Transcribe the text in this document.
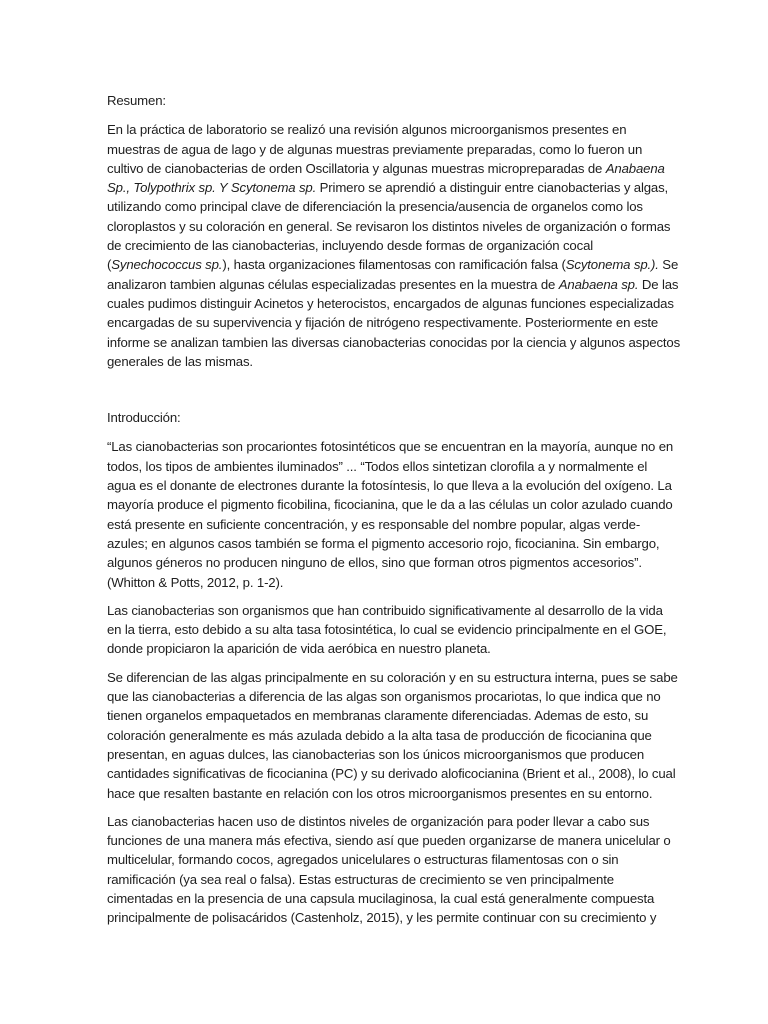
Resumen:
En la práctica de laboratorio se realizó una revisión algunos microorganismos presentes en
muestras de agua de lago y de algunas muestras previamente preparadas, como lo fueron un
cultivo de cianobacterias de orden Oscillatoria y algunas muestras micropreparadas de Anabaena
Sp., Tolypothrix sp. Y Scytonema sp. Primero se aprendió a distinguir entre cianobacterias y algas,
utilizando como principal clave de diferenciación la presencia/ausencia de organelos como los
cloroplastos y su coloración en general. Se revisaron los distintos niveles de organización o formas
de crecimiento de las cianobacterias, incluyendo desde formas de organización cocal
(Synechococcus sp.), hasta organizaciones filamentosas con ramificación falsa (Scytonema sp.). Se
analizaron tambien algunas células especializadas presentes en la muestra de Anabaena sp. De las
cuales pudimos distinguir Acinetos y heterocistos, encargados de algunas funciones especializadas
encargadas de su supervivencia y fijación de nitrógeno respectivamente. Posteriormente en este
informe se analizan tambien las diversas cianobacterias conocidas por la ciencia y algunos aspectos
generales de las mismas.
Introducción:
“Las cianobacterias son procariontes fotosintéticos que se encuentran en la mayoría, aunque no en
todos, los tipos de ambientes iluminados” ... “Todos ellos sintetizan clorofila a y normalmente el
agua es el donante de electrones durante la fotosíntesis, lo que lleva a la evolución del oxígeno. La
mayoría produce el pigmento ficobilina, ficocianina, que le da a las células un color azulado cuando
está presente en suficiente concentración, y es responsable del nombre popular, algas verde-
azules; en algunos casos también se forma el pigmento accesorio rojo, ficocianina. Sin embargo,
algunos géneros no producen ninguno de ellos, sino que forman otros pigmentos accesorios”.
(Whitton & Potts, 2012, p. 1-2).
Las cianobacterias son organismos que han contribuido significativamente al desarrollo de la vida
en la tierra, esto debido a su alta tasa fotosintética, lo cual se evidencio principalmente en el GOE,
donde propiciaron la aparición de vida aeróbica en nuestro planeta.
Se diferencian de las algas principalmente en su coloración y en su estructura interna, pues se sabe
que las cianobacterias a diferencia de las algas son organismos procariotas, lo que indica que no
tienen organelos empaquetados en membranas claramente diferenciadas. Ademas de esto, su
coloración generalmente es más azulada debido a la alta tasa de producción de ficocianina que
presentan, en aguas dulces, las cianobacterias son los únicos microorganismos que producen
cantidades significativas de ficocianina (PC) y su derivado aloficocianina (Brient et al., 2008), lo cual
hace que resalten bastante en relación con los otros microorganismos presentes en su entorno.
Las cianobacterias hacen uso de distintos niveles de organización para poder llevar a cabo sus
funciones de una manera más efectiva, siendo así que pueden organizarse de manera unicelular o
multicelular, formando cocos, agregados unicelulares o estructuras filamentosas con o sin
ramificación (ya sea real o falsa). Estas estructuras de crecimiento se ven principalmente
cimentadas en la presencia de una capsula mucilaginosa, la cual está generalmente compuesta
principalmente de polisacáridos (Castenholz, 2015), y les permite continuar con su crecimiento y
